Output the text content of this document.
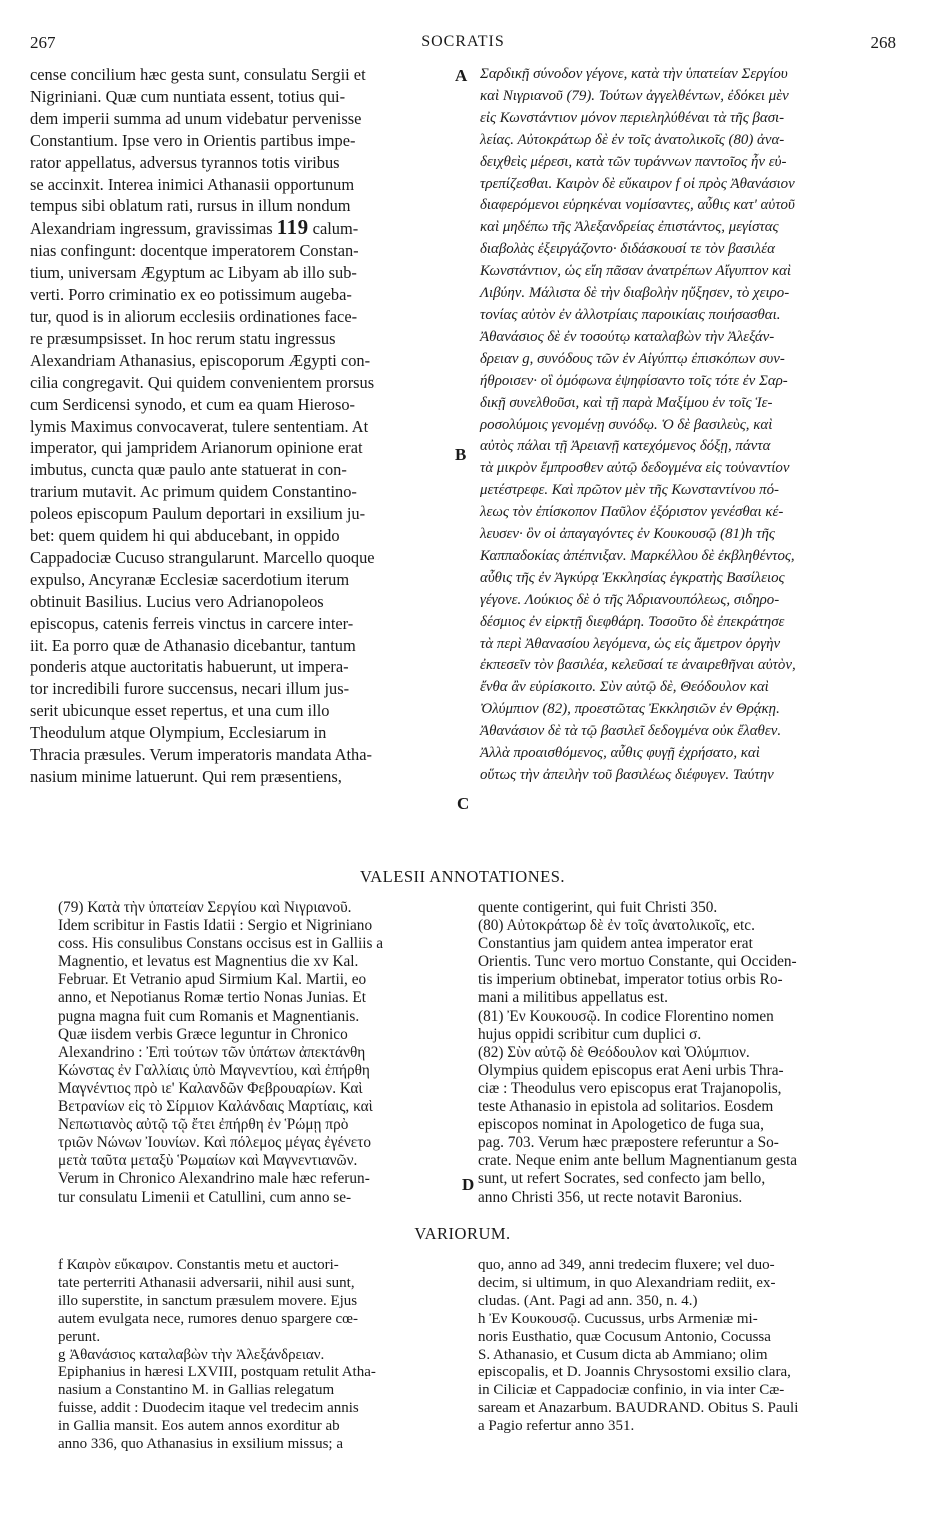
267	SOCRATIS	268
A
B
C
D
cense concilium hæc gesta sunt, consulatu Sergii et
Nigriniani. Quæ cum nuntiata essent, totius qui-
dem imperii summa ad unum videbatur pervenisse
Constantium. Ipse vero in Orientis partibus impe-
rator appellatus, adversus tyrannos totis viribus
se accinxit. Interea inimici Athanasii opportunum
tempus sibi oblatum rati, rursus in illum nondum
Alexandriam ingressum, gravissimas 119 calum-
nias confingunt: docentque imperatorem Constan-
tium, universam Ægyptum ac Libyam ab illo sub-
verti. Porro criminatio ex eo potissimum augeba-
tur, quod is in aliorum ecclesiis ordinationes face-
re præsumpsisset. In hoc rerum statu ingressus
Alexandriam Athanasius, episcoporum Ægypti con-
cilia congregavit. Qui quidem convenientem prorsus
cum Serdicensi synodo, et cum ea quam Hieroso-
lymis Maximus convocaverat, tulere sententiam. At
imperator, qui jampridem Arianorum opinione erat
imbutus, cuncta quæ paulo ante statuerat in con-
trarium mutavit. Ac primum quidem Constantino-
poleos episcopum Paulum deportari in exsilium ju-
bet: quem quidem hi qui abducebant, in oppido
Cappadociæ Cucuso strangularunt. Marcello quoque
expulso, Ancyranæ Ecclesiæ sacerdotium iterum
obtinuit Basilius. Lucius vero Adrianopoleos
episcopus, catenis ferreis vinctus in carcere inter-
iit. Ea porro quæ de Athanasio dicebantur, tantum
ponderis atque auctoritatis habuerunt, ut impera-
tor incredibili furore succensus, necari illum jus-
serit ubicunque esset repertus, et una cum illo
Theodulum atque Olympium, Ecclesiarum in
Thracia præsules. Verum imperatoris mandata Atha-
nasium minime latuerunt. Qui rem præsentiens,
Σαρδικῇ σύνοδον γέγονε, κατὰ τὴν ὑπατείαν Σεργίου
καὶ Νιγριανοῦ (79). Τούτων ἀγγελθέντων, ἐδόκει μὲν
εἰς Κωνστάντιον μόνον περιεληλύθέναι τὰ τῆς βασι-
λείας. Αὐτοκράτωρ δὲ ἐν τοῖς ἀνατολικοῖς (80) ἀνα-
δειχθεὶς μέρεσι, κατὰ τῶν τυράννων παντοῖος ἦν εὐ-
τρεπίζεσθαι. Καιρὸν δὲ εὔκαιρον f οἱ πρὸς Ἀθανάσιον
διαφερόμενοι εὑρηκέναι νομίσαντες, αὖθις κατ' αὐτοῦ
καὶ μηδέπω τῆς Ἀλεξανδρείας ἐπιστάντος, μεγίστας
διαβολὰς ἐξειργάζοντο· διδάσκουσί τε τὸν βασιλέα
Κωνστάντιον, ὡς εἴη πᾶσαν ἀνατρέπων Αἴγυπτον καὶ
Λιβύην. Μάλιστα δὲ τὴν διαβολὴν ηὔξησεν, τὸ χειρο-
τονίας αὐτὸν ἐν ἀλλοτρίαις παροικίαις ποιήσασθαι.
Ἀθανάσιος δὲ ἐν τοσούτῳ καταλαβὼν τὴν Ἀλεξάν-
δρειαν g, συνόδους τῶν ἐν Αἰγύπτῳ ἐπισκόπων συν-
ήθροισεν· οἳ ὁμόφωνα ἐψηφίσαντο τοῖς τότε ἐν Σαρ-
δικῇ συνελθοῦσι, καὶ τῇ παρὰ Μαξίμου ἐν τοῖς Ἱε-
ροσολύμοις γενομένῃ συνόδῳ. Ὁ δὲ βασιλεὺς, καὶ
αὐτὸς πάλαι τῇ Ἀρειανῇ κατεχόμενος δόξῃ, πάντα
τὰ μικρὸν ἔμπροσθεν αὐτῷ δεδογμένα εἰς τοὐναντίον
μετέστρεφε. Καὶ πρῶτον μὲν τῆς Κωνσταντίνου πό-
λεως τὸν ἐπίσκοπον Παῦλον ἐξόριστον γενέσθαι κέ-
λευσεν· ὃν οἱ ἀπαγαγόντες ἐν Κουκουσῷ (81)h τῆς
Καππαδοκίας ἀπέπνιξαν. Μαρκέλλου δὲ ἐκβληθέντος,
αὖθις τῆς ἐν Ἀγκύρᾳ Ἐκκλησίας ἐγκρατὴς Βασίλειος
γέγονε. Λούκιος δὲ ὁ τῆς Ἀδριανουπόλεως, σιδηρο-
δέσμιος ἐν εἱρκτῇ διεφθάρη. Τοσοῦτο δὲ ἐπεκράτησε
τὰ περὶ Ἀθανασίου λεγόμενα, ὡς εἰς ἄμετρον ὀργὴν
ἐκπεσεῖν τὸν βασιλέα, κελεῦσαί τε ἀναιρεθῆναι αὐτὸν,
ἔνθα ἂν εὑρίσκοιτο. Σὺν αὐτῷ δὲ, Θεόδουλον καὶ
Ὀλύμπιον (82), προεστῶτας Ἐκκλησιῶν ἐν Θρᾴκῃ.
Ἀθανάσιον δὲ τὰ τῷ βασιλεῖ δεδογμένα οὐκ ἔλαθεν.
Ἀλλὰ προαισθόμενος, αὖθις φυγῇ ἐχρήσατο, καὶ
οὕτως τὴν ἀπειλὴν τοῦ βασιλέως διέφυγεν. Ταύτην
VALESII ANNOTATIONES.
(79) Κατὰ τὴν ὑπατείαν Σεργίου καὶ Νιγριανοῦ.
Idem scribitur in Fastis Idatii : Sergio et Nigriniano
coss. His consulibus Constans occisus est in Galliis a
Magnentio, et levatus est Magnentius die xv Kal.
Februar. Et Vetranio apud Sirmium Kal. Martii, eo
anno, et Nepotianus Romæ tertio Nonas Junias. Et
pugna magna fuit cum Romanis et Magnentianis.
Quæ iisdem verbis Græce leguntur in Chronico
Alexandrino : Ἐπὶ τούτων τῶν ὑπάτων ἀπεκτάνθη
Κώνστας ἐν Γαλλίαις ὑπὸ Μαγνεντίου, καὶ ἐπήρθη
Μαγνέντιος πρὸ ιε' Καλανδῶν Φεβρουαρίων. Καὶ
Βετρανίων εἰς τὸ Σίρμιον Καλάνδαις Μαρτίαις, καὶ
Νεπωτιανὸς αὐτῷ τῷ ἔτει ἐπήρθη ἐν Ῥώμῃ πρὸ
τριῶν Νώνων Ἰουνίων. Καὶ πόλεμος μέγας ἐγένετο
μετὰ ταῦτα μεταξὺ Ῥωμαίων καὶ Μαγνεντιανῶν.
Verum in Chronico Alexandrino male hæc referun-
tur consulatu Limenii et Catullini, cum anno se-
quente contigerint, qui fuit Christi 350.
(80) Αὐτοκράτωρ δὲ ἐν τοῖς ἀνατολικοῖς, etc.
Constantius jam quidem antea imperator erat
Orientis. Tunc vero mortuo Constante, qui Occiden-
tis imperium obtinebat, imperator totius orbis Ro-
mani a militibus appellatus est.
(81) Ἐν Κουκουσῷ. In codice Florentino nomen
hujus oppidi scribitur cum duplici σ.
(82) Σὺν αὐτῷ δὲ Θεόδουλον καὶ Ὀλύμπιον.
Olympius quidem episcopus erat Aeni urbis Thra-
ciæ : Theodulus vero episcopus erat Trajanopolis,
teste Athanasio in epistola ad solitarios. Eosdem
episcopos nominat in Apologetico de fuga sua,
pag. 703. Verum hæc præpostere referuntur a So-
crate. Neque enim ante bellum Magnentianum gesta
sunt, ut refert Socrates, sed confecto jam bello,
anno Christi 356, ut recte notavit Baronius.
VARIORUM.
f Καιρὸν εὔκαιρον. Constantis metu et auctori-
tate perterriti Athanasii adversarii, nihil ausi sunt,
illo superstite, in sanctum præsulem movere. Ejus
autem evulgata nece, rumores denuo spargere cœ-
perunt.
g Ἀθανάσιος καταλαβὼν τὴν Ἀλεξάνδρειαν.
Epiphanius in hæresi LXVIII, postquam retulit Atha-
nasium a Constantino M. in Gallias relegatum
fuisse, addit : Duodecim itaque vel tredecim annis
in Gallia mansit. Eos autem annos exorditur ab
anno 336, quo Athanasius in exsilium missus; a
quo, anno ad 349, anni tredecim fluxere; vel duo-
decim, si ultimum, in quo Alexandriam rediit, ex-
cludas. (Ant. Pagi ad ann. 350, n. 4.)
h Ἐν Κουκουσῷ. Cucussus, urbs Armeniæ mi-
noris Eusthatio, quæ Cocusum Antonio, Cocussa
S. Athanasio, et Cusum dicta ab Ammiano; olim
episcopalis, et D. Joannis Chrysostomi exsilio clara,
in Ciliciæ et Cappadociæ confinio, in via inter Cæ-
saream et Anazarbum. BAUDRAND. Obitus S. Pauli
a Pagio refertur anno 351.
